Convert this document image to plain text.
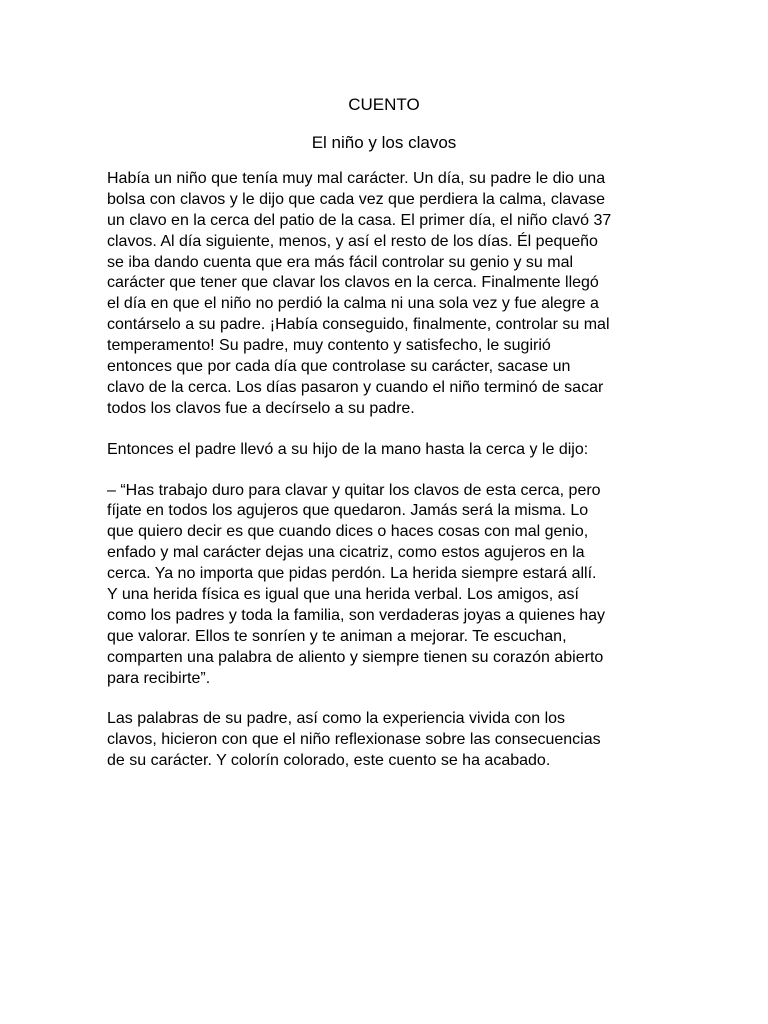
CUENTO
El niño y los clavos

Había un niño que tenía muy mal carácter. Un día, su padre le dio una
bolsa con clavos y le dijo que cada vez que perdiera la calma, clavase
un clavo en la cerca del patio de la casa. El primer día, el niño clavó 37
clavos. Al día siguiente, menos, y así el resto de los días. Él pequeño
se iba dando cuenta que era más fácil controlar su genio y su mal
carácter que tener que clavar los clavos en la cerca. Finalmente llegó
el día en que el niño no perdió la calma ni una sola vez y fue alegre a
contárselo a su padre. ¡Había conseguido, finalmente, controlar su mal
temperamento! Su padre, muy contento y satisfecho, le sugirió
entonces que por cada día que controlase su carácter, sacase un
clavo de la cerca. Los días pasaron y cuando el niño terminó de sacar
todos los clavos fue a decírselo a su padre.

Entonces el padre llevó a su hijo de la mano hasta la cerca y le dijo:

– “Has trabajo duro para clavar y quitar los clavos de esta cerca, pero
fíjate en todos los agujeros que quedaron. Jamás será la misma. Lo
que quiero decir es que cuando dices o haces cosas con mal genio,
enfado y mal carácter dejas una cicatriz, como estos agujeros en la
cerca. Ya no importa que pidas perdón. La herida siempre estará allí.
Y una herida física es igual que una herida verbal. Los amigos, así
como los padres y toda la familia, son verdaderas joyas a quienes hay
que valorar. Ellos te sonríen y te animan a mejorar. Te escuchan,
comparten una palabra de aliento y siempre tienen su corazón abierto
para recibirte”.

Las palabras de su padre, así como la experiencia vivida con los
clavos, hicieron con que el niño reflexionase sobre las consecuencias
de su carácter. Y colorín colorado, este cuento se ha acabado.
